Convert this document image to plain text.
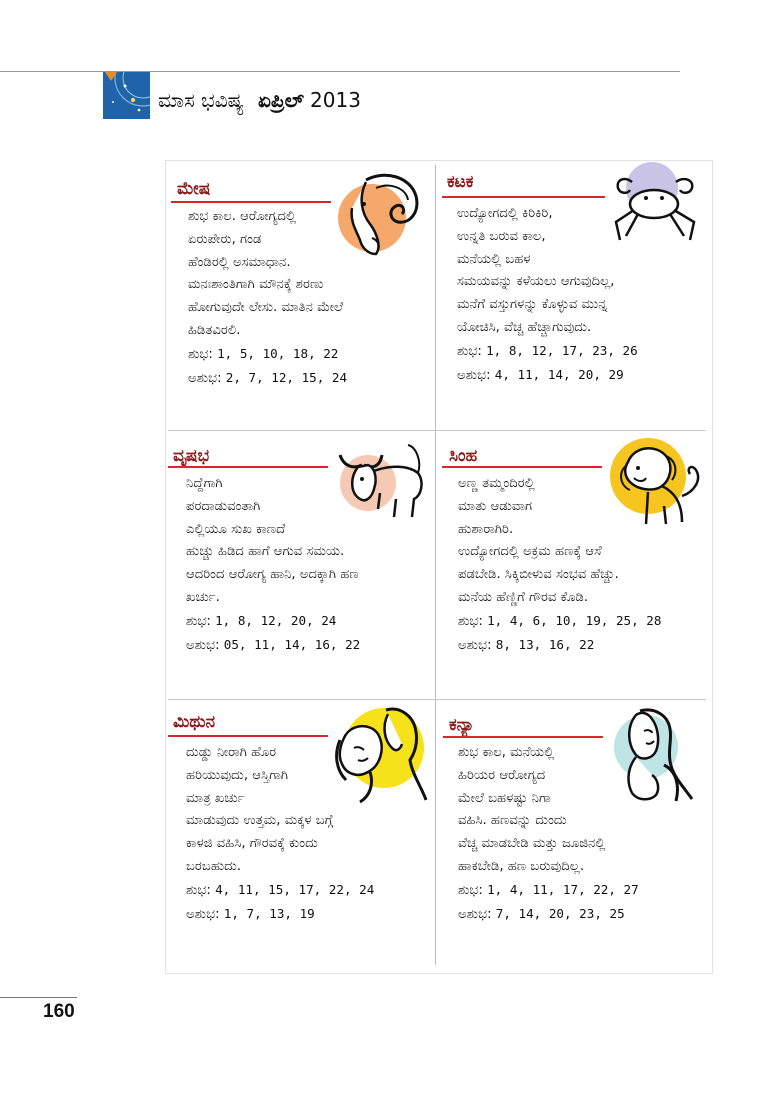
ಮಾಸ ಭವಿಷ್ಯ ಏಪ್ರಿಲ್ 2013
ಮೇಷ
ಶುಭ ಕಾಲ. ಆರೋಗ್ಯದಲ್ಲಿ
ಏರುಪೇರು, ಗಂಡ
ಹೆಂಡಿರಲ್ಲಿ ಅಸಮಾಧಾನ.
ಮನಃಶಾಂತಿಗಾಗಿ ಮೌನಕ್ಕೆ ಶರಣು
ಹೋಗುವುದೇ ಲೇಸು. ಮಾತಿನ ಮೇಲೆ
ಹಿಡಿತವಿರಲಿ.
ಶುಭ: 1, 5, 10, 18, 22
ಅಶುಭ: 2, 7, 12, 15, 24
ಕಟಕ
ಉದ್ಯೋಗದಲ್ಲಿ ಕಿರಿಕಿರಿ,
ಉನ್ನತಿ ಬರುವ ಕಾಲ,
ಮನೆಯಲ್ಲಿ ಬಹಳ
ಸಮಯವನ್ನು ಕಳೆಯಲು ಆಗುವುದಿಲ್ಲ,
ಮನೆಗೆ ವಸ್ತುಗಳನ್ನು ಕೊಳ್ಳುವ ಮುನ್ನ
ಯೋಚಿಸಿ, ವೆಚ್ಚ ಹೆಚ್ಚಾಗುವುದು.
ಶುಭ: 1, 8, 12, 17, 23, 26
ಅಶುಭ: 4, 11, 14, 20, 29
ವೃಷಭ
ನಿದ್ದೆಗಾಗಿ
ಪರದಾಡುವಂತಾಗಿ
ಎಲ್ಲಿಯೂ ಸುಖ ಕಾಣದೆ
ಹುಚ್ಚು ಹಿಡಿದ ಹಾಗೆ ಆಗುವ ಸಮಯ.
ಆದರಿಂದ ಆರೋಗ್ಯ ಹಾನಿ, ಅದಕ್ಕಾಗಿ ಹಣ
ಖರ್ಚು.
ಶುಭ: 1, 8, 12, 20, 24
ಅಶುಭ: 05, 11, 14, 16, 22
ಸಿಂಹ
ಅಣ್ಣ ತಮ್ಮಂದಿರಲ್ಲಿ
ಮಾತು ಆಡುವಾಗ
ಹುಶಾರಾಗಿರಿ.
ಉದ್ಯೋಗದಲ್ಲಿ ಅಕ್ರಮ ಹಣಕ್ಕೆ ಆಸೆ
ಪಡಬೇಡಿ. ಸಿಕ್ಕಿಬೀಳುವ ಸಂಭವ ಹೆಚ್ಚು.
ಮನೆಯ ಹೆಣ್ಣಿಗೆ ಗೌರವ ಕೊಡಿ.
ಶುಭ: 1, 4, 6, 10, 19, 25, 28
ಅಶುಭ: 8, 13, 16, 22
ಮಿಥುನ
ದುಡ್ಡು ನೀರಾಗಿ ಹೊರ
ಹರಿಯುವುದು, ಆಸ್ತಿಗಾಗಿ
ಮಾತ್ರ ಖರ್ಚು
ಮಾಡುವುದು ಉತ್ತಮ, ಮಕ್ಕಳ ಬಗ್ಗೆ
ಕಾಳಜಿ ವಹಿಸಿ, ಗೌರವಕ್ಕೆ ಕುಂದು
ಬರಬಹುದು.
ಶುಭ: 4, 11, 15, 17, 22, 24
ಅಶುಭ: 1, 7, 13, 19
ಕನ್ಯಾ
ಶುಭ ಕಾಲ, ಮನೆಯಲ್ಲಿ
ಹಿರಿಯರ ಆರೋಗ್ಯದ
ಮೇಲೆ ಬಹಳಷ್ಟು ನಿಗಾ
ವಹಿಸಿ. ಹಣವನ್ನು ದುಂದು
ವೆಚ್ಚ ಮಾಡಬೇಡಿ ಮತ್ತು ಜೂಜಿನಲ್ಲಿ
ಹಾಕಬೇಡಿ, ಹಣ ಬರುವುದಿಲ್ಲ.
ಶುಭ: 1, 4, 11, 17, 22, 27
ಅಶುಭ: 7, 14, 20, 23, 25
160
